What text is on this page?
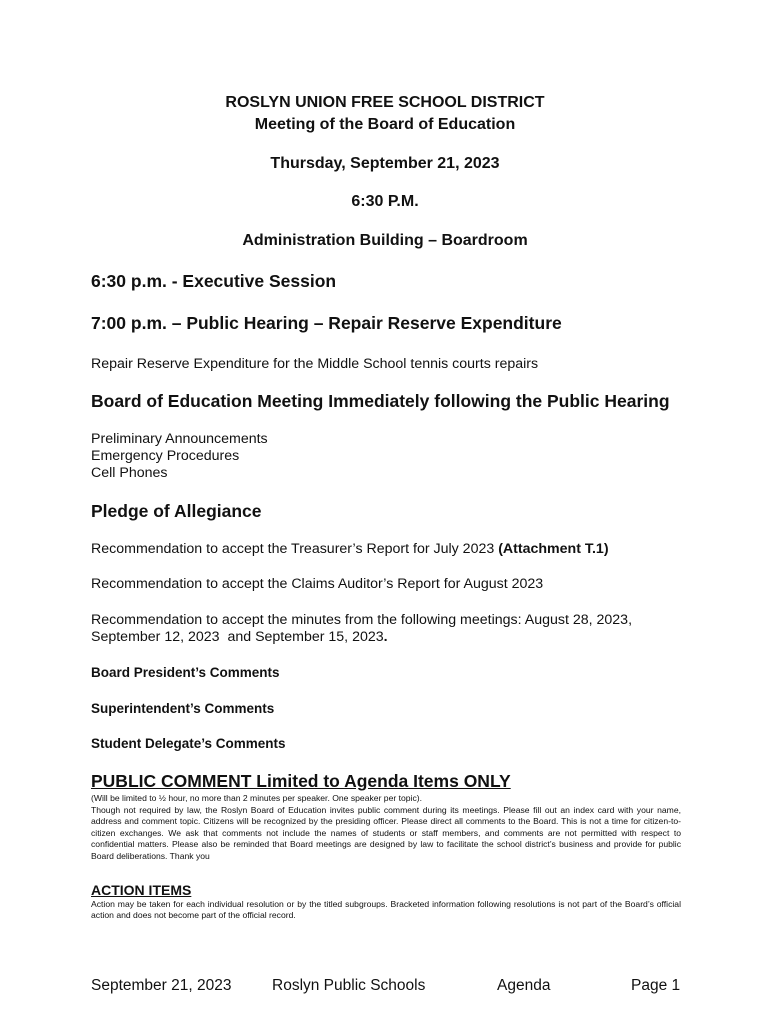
ROSLYN UNION FREE SCHOOL DISTRICT
Meeting of the Board of Education
Thursday, September 21, 2023
6:30 P.M.
Administration Building – Boardroom
6:30 p.m. - Executive Session
7:00 p.m. – Public Hearing – Repair Reserve Expenditure
Repair Reserve Expenditure for the Middle School tennis courts repairs
Board of Education Meeting Immediately following the Public Hearing
Preliminary Announcements
Emergency Procedures
Cell Phones
Pledge of Allegiance
Recommendation to accept the Treasurer’s Report for July 2023 (Attachment T.1)
Recommendation to accept the Claims Auditor’s Report for August 2023
Recommendation to accept the minutes from the following meetings: August 28, 2023,
September 12, 2023  and September 15, 2023.
Board President’s Comments
Superintendent’s Comments
Student Delegate’s Comments
PUBLIC COMMENT Limited to Agenda Items ONLY
(Will be limited to ½ hour, no more than 2 minutes per speaker. One speaker per topic).
Though not required by law, the Roslyn Board of Education invites public comment during its meetings. Please fill out an index card with your name, address and comment topic. Citizens will be recognized by the presiding officer. Please direct all comments to the Board. This is not a time for citizen-to-citizen exchanges. We ask that comments not include the names of students or staff members, and comments are not permitted with respect to confidential matters. Please also be reminded that Board meetings are designed by law to facilitate the school district’s business and provide for public Board deliberations. Thank you
ACTION ITEMS
Action may be taken for each individual resolution or by the titled subgroups. Bracketed information following resolutions is not part of the Board’s official action and does not become part of the official record.
September 21, 2023	Roslyn Public Schools	Agenda	Page 1
